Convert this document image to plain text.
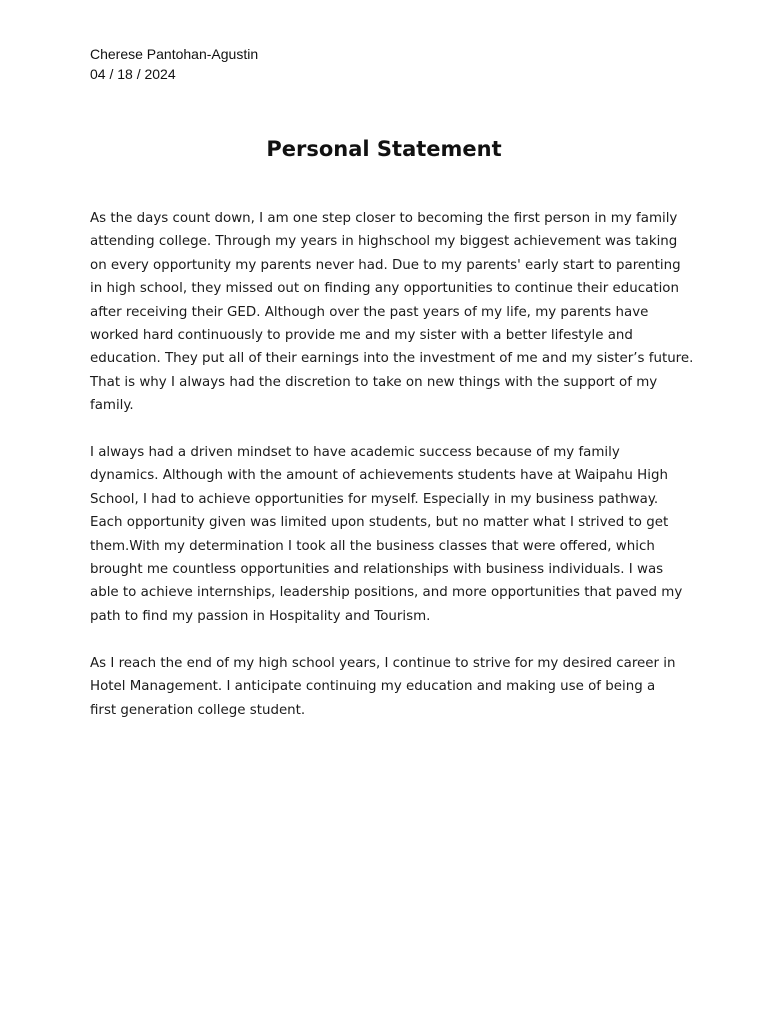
Cherese Pantohan-Agustin
04 / 18 / 2024
Personal Statement

As the days count down, I am one step closer to becoming the first person in my family
attending college. Through my years in highschool my biggest achievement was taking
on every opportunity my parents never had. Due to my parents' early start to parenting
in high school, they missed out on finding any opportunities to continue their education
after receiving their GED. Although over the past years of my life, my parents have
worked hard continuously to provide me and my sister with a better lifestyle and
education. They put all of their earnings into the investment of me and my sister’s future.
That is why I always had the discretion to take on new things with the support of my
family.

I always had a driven mindset to have academic success because of my family
dynamics. Although with the amount of achievements students have at Waipahu High
School, I had to achieve opportunities for myself. Especially in my business pathway.
Each opportunity given was limited upon students, but no matter what I strived to get
them.With my determination I took all the business classes that were offered, which
brought me countless opportunities and relationships with business individuals. I was
able to achieve internships, leadership positions, and more opportunities that paved my
path to find my passion in Hospitality and Tourism.

As I reach the end of my high school years, I continue to strive for my desired career in
Hotel Management. I anticipate continuing my education and making use of being a
first generation college student.
